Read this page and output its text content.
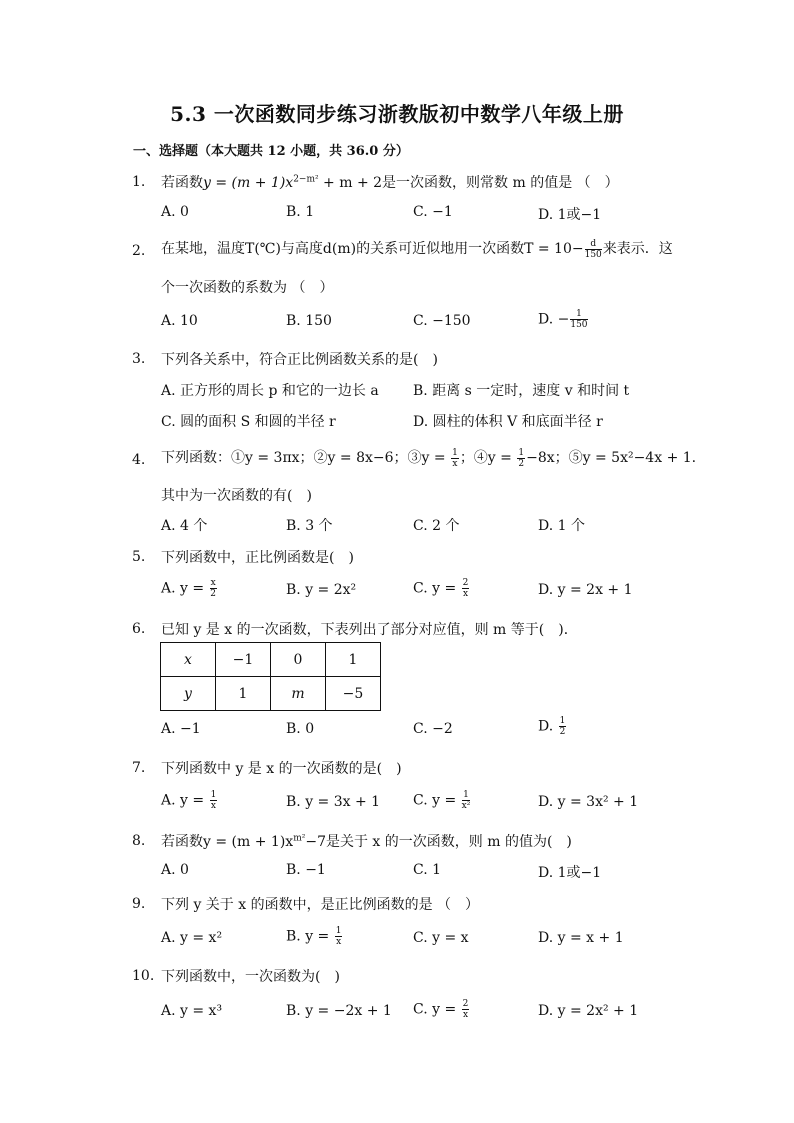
5.3 一次函数同步练习浙教版初中数学八年级上册
一、选择题（本大题共 12 小题，共 36.0 分）
1. 若函数$y = (m + 1)x^{2-m^2} + m + 2$是一次函数，则常数 m 的值是 （　）
A. 0	B. 1	C. −1	D. 1或−1
2. 在某地，温度T(℃)与高度d(m)的关系可近似地用一次函数$T = 10- \frac{d}{150}$ 来表示．这
个一次函数的系数为 （　）
A. 10	B. 150	C. −150	D. − $\frac{1}{150}$
3. 下列各关系中，符合正比例函数关系的是(　)
A. 正方形的周长 p 和它的一边长 a B. 距离 s 一定时，速度 v 和时间 t
C. 圆的面积 S 和圆的半径 r	D. 圆柱的体积 V 和底面半径 r
4. 下列函数：①y = 3πx；②y = 8x−6；③y = $\frac{1}{x}$ ；④y = $\frac{1}{2} -8x$；⑤y = 5x²−4x + 1.
其中为一次函数的有(　)
A. 4 个	B. 3 个	C. 2 个	D. 1 个
5. 下列函数中，正比例函数是(　)
A. $y = \frac{x}{2}$	B. y = 2x²	C. $y = \frac{2}{x}$	D. y = 2x + 1
6. 已知 y 是 x 的一次函数，下表列出了部分对应值，则 m 等于(　)．
x	−1	0	1
y	1	m	−5
A. −1	B. 0	C. −2	D. $\frac{1}{2}$
7. 下列函数中 y 是 x 的一次函数的是(　)
A. $y = \frac{1}{x}$	B. y = 3x + 1 C. $y = \frac{1}{\text{x²}}$	D. y = 3x² + 1
8. 若函数$y = (m + 1)x^{m^2}-7$是关于 x 的一次函数，则 m 的值为(　)
A. 0	B. −1	C. 1	D. 1或−1
9. 下列 y 关于 x 的函数中，是正比例函数的是 （　）
A. y = x²	B. $y = \frac{1}{x}$	C. y = x	D. y = x + 1
10. 下列函数中，一次函数为(　)
A. y = x³	B. y = −2x + 1 C. $y = \frac{2}{x}$	D. y = 2x² + 1
